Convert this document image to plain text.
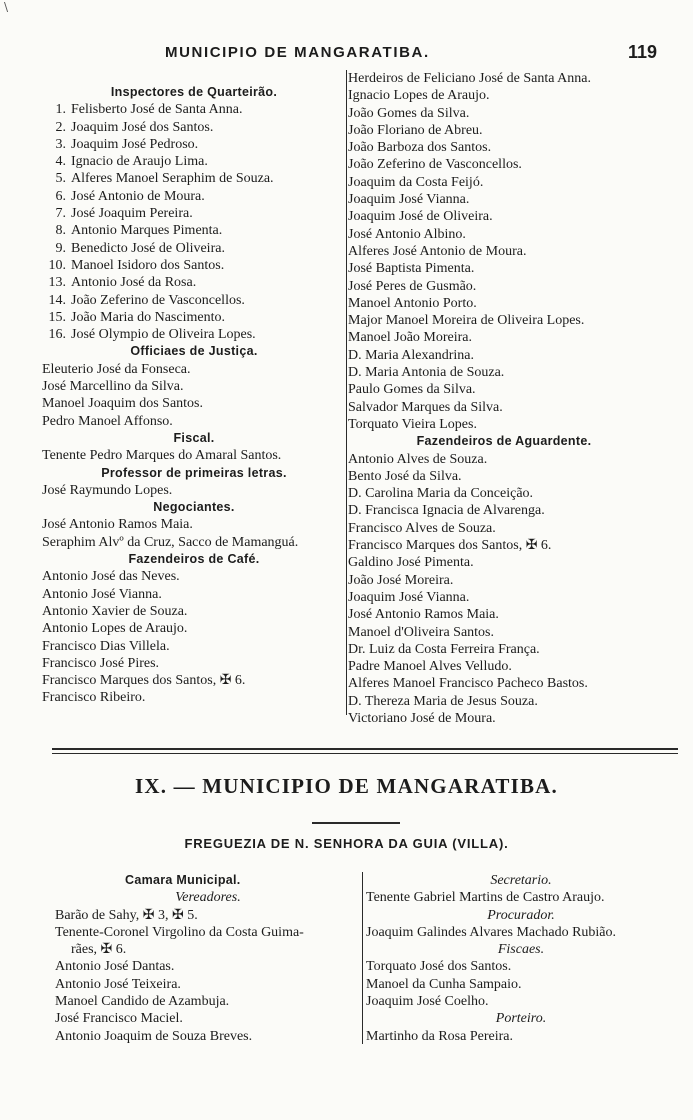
\
MUNICIPIO DE MANGARATIBA.	119
Inspectores de Quarteirão.
1. Felisberto José de Santa Anna.
2. Joaquim José dos Santos.
3. Joaquim José Pedroso.
4. Ignacio de Araujo Lima.
5. Alferes Manoel Seraphim de Souza.
6. José Antonio de Moura.
7. José Joaquim Pereira.
8. Antonio Marques Pimenta.
9. Benedicto José de Oliveira.
10. Manoel Isidoro dos Santos.
13. Antonio José da Rosa.
14. João Zeferino de Vasconcellos.
15. João Maria do Nascimento.
16. José Olympio de Oliveira Lopes.
Officiaes de Justiça.
Eleuterio José da Fonseca.
José Marcellino da Silva.
Manoel Joaquim dos Santos.
Pedro Manoel Affonso.
Fiscal.
Tenente Pedro Marques do Amaral Santos.
Professor de primeiras letras.
José Raymundo Lopes.
Negociantes.
José Antonio Ramos Maia.
Seraphim Alvº da Cruz, Sacco de Mamanguá.
Fazendeiros de Café.
Antonio José das Neves.
Antonio José Vianna.
Antonio Xavier de Souza.
Antonio Lopes de Araujo.
Francisco Dias Villela.
Francisco José Pires.
Francisco Marques dos Santos, ✠ 6.
Francisco Ribeiro.
Herdeiros de Feliciano José de Santa Anna.
Ignacio Lopes de Araujo.
João Gomes da Silva.
João Floriano de Abreu.
João Barboza dos Santos.
João Zeferino de Vasconcellos.
Joaquim da Costa Feijó.
Joaquim José Vianna.
Joaquim José de Oliveira.
José Antonio Albino.
Alferes José Antonio de Moura.
José Baptista Pimenta.
José Peres de Gusmão.
Manoel Antonio Porto.
Major Manoel Moreira de Oliveira Lopes.
Manoel João Moreira.
D. Maria Alexandrina.
D. Maria Antonia de Souza.
Paulo Gomes da Silva.
Salvador Marques da Silva.
Torquato Vieira Lopes.
Fazendeiros de Aguardente.
Antonio Alves de Souza.
Bento José da Silva.
D. Carolina Maria da Conceição.
D. Francisca Ignacia de Alvarenga.
Francisco Alves de Souza.
Francisco Marques dos Santos, ✠ 6.
Galdino José Pimenta.
João José Moreira.
Joaquim José Vianna.
José Antonio Ramos Maia.
Manoel d'Oliveira Santos.
Dr. Luiz da Costa Ferreira França.
Padre Manoel Alves Velludo.
Alferes Manoel Francisco Pacheco Bastos.
D. Thereza Maria de Jesus Souza.
Victoriano José de Moura.
IX. — MUNICIPIO DE MANGARATIBA.
FREGUEZIA DE N. SENHORA DA GUIA (VILLA).
Camara Municipal.
Vereadores.
Barão de Sahy, ✠ 3, ✠ 5.
Tenente-Coronel Virgolino da Costa Guima-
rães, ✠ 6.
Antonio José Dantas.
Antonio José Teixeira.
Manoel Candido de Azambuja.
José Francisco Maciel.
Antonio Joaquim de Souza Breves.
Secretario.
Tenente Gabriel Martins de Castro Araujo.
Procurador.
Joaquim Galindes Alvares Machado Rubião.
Fiscaes.
Torquato José dos Santos.
Manoel da Cunha Sampaio.
Joaquim José Coelho.
Porteiro.
Martinho da Rosa Pereira.
